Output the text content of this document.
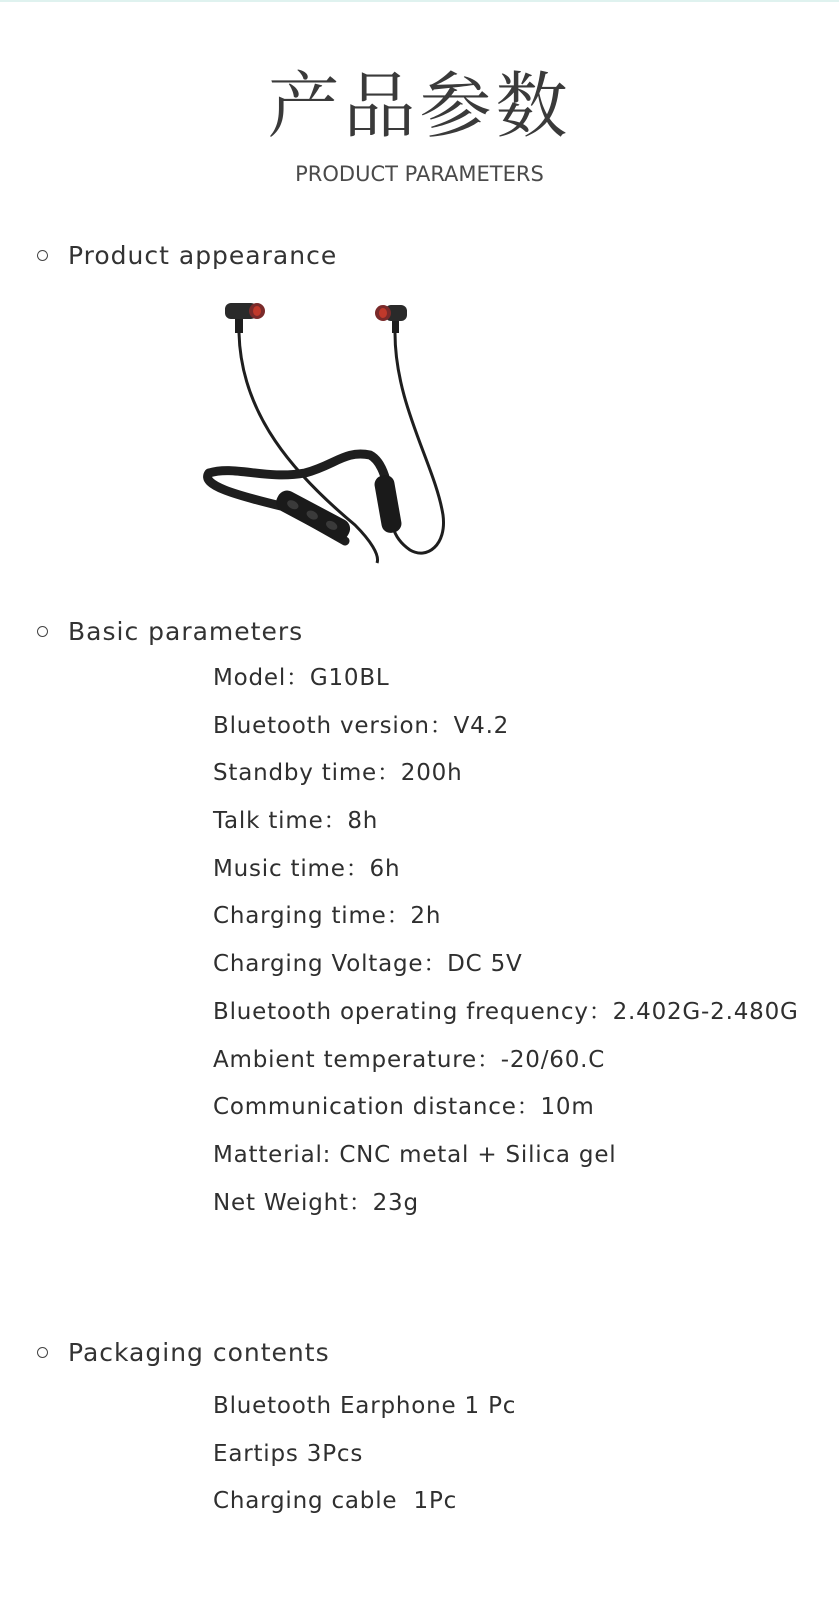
产品参数
PRODUCT PARAMETERS
Product appearance
Basic parameters
Model：G10BL
Bluetooth version：V4.2
Standby time：200h
Talk time：8h
Music time：6h
Charging time：2h
Charging Voltage：DC 5V
Bluetooth operating frequency：2.402G-2.480G
Ambient temperature：-20/60.C
Communication distance：10m
Matterial: CNC metal + Silica gel
Net Weight：23g
Packaging contents
Bluetooth Earphone 1 Pc
Eartips 3Pcs
Charging cable  1Pc
